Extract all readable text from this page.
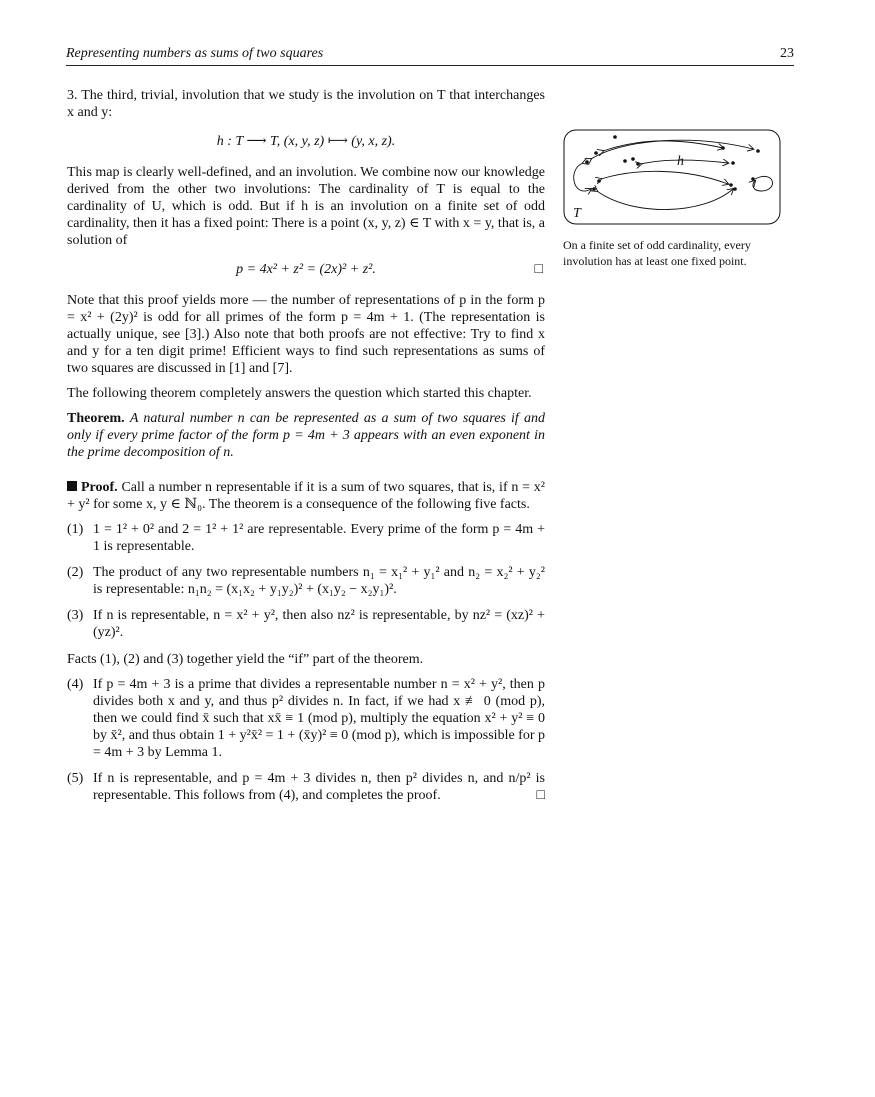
Representing numbers as sums of two squares	23

3. The third, trivial, involution that we study is the involution on T that interchanges x and y:

h : T ⟶ T, (x, y, z) ⟼ (y, x, z).

This map is clearly well-defined, and an involution. We combine now our knowledge derived from the other two involutions: The cardinality of T is equal to the cardinality of U, which is odd. But if h is an involution on a finite set of odd cardinality, then it has a fixed point: There is a point (x, y, z) ∈ T with x = y, that is, a solution of

p = 4x² + z² = (2x)² + z².	□

Note that this proof yields more — the number of representations of p in the form p = x² + (2y)² is odd for all primes of the form p = 4m + 1. (The representation is actually unique, see [3].) Also note that both proofs are not effective: Try to find x and y for a ten digit prime! Efficient ways to find such representations as sums of two squares are discussed in [1] and [7].

The following theorem completely answers the question which started this chapter.

Theorem. A natural number n can be represented as a sum of two squares if and only if every prime factor of the form p = 4m + 3 appears with an even exponent in the prime decomposition of n.

Proof. Call a number n representable if it is a sum of two squares, that is, if n = x² + y² for some x, y ∈ ℕ₀. The theorem is a consequence of the following five facts.

(1) 1 = 1² + 0² and 2 = 1² + 1² are representable. Every prime of the form p = 4m + 1 is representable.
(2) The product of any two representable numbers n₁ = x₁² + y₁² and n₂ = x₂² + y₂² is representable: n₁n₂ = (x₁x₂ + y₁y₂)² + (x₁y₂ − x₂y₁)².
(3) If n is representable, n = x² + y², then also nz² is representable, by nz² = (xz)² + (yz)².

Facts (1), (2) and (3) together yield the “if” part of the theorem.

(4) If p = 4m + 3 is a prime that divides a representable number n = x² + y², then p divides both x and y, and thus p² divides n. In fact, if we had x ≢ 0 (mod p), then we could find x̄ such that xx̄ ≡ 1 (mod p), multiply the equation x² + y² ≡ 0 by x̄², and thus obtain 1 + y²x̄² = 1 + (x̄y)² ≡ 0 (mod p), which is impossible for p = 4m + 3 by Lemma 1.
(5) If n is representable, and p = 4m + 3 divides n, then p² divides n, and n/p² is representable. This follows from (4), and completes the proof.	□
T
h
On a finite set of odd cardinality, every involution has at least one fixed point.
